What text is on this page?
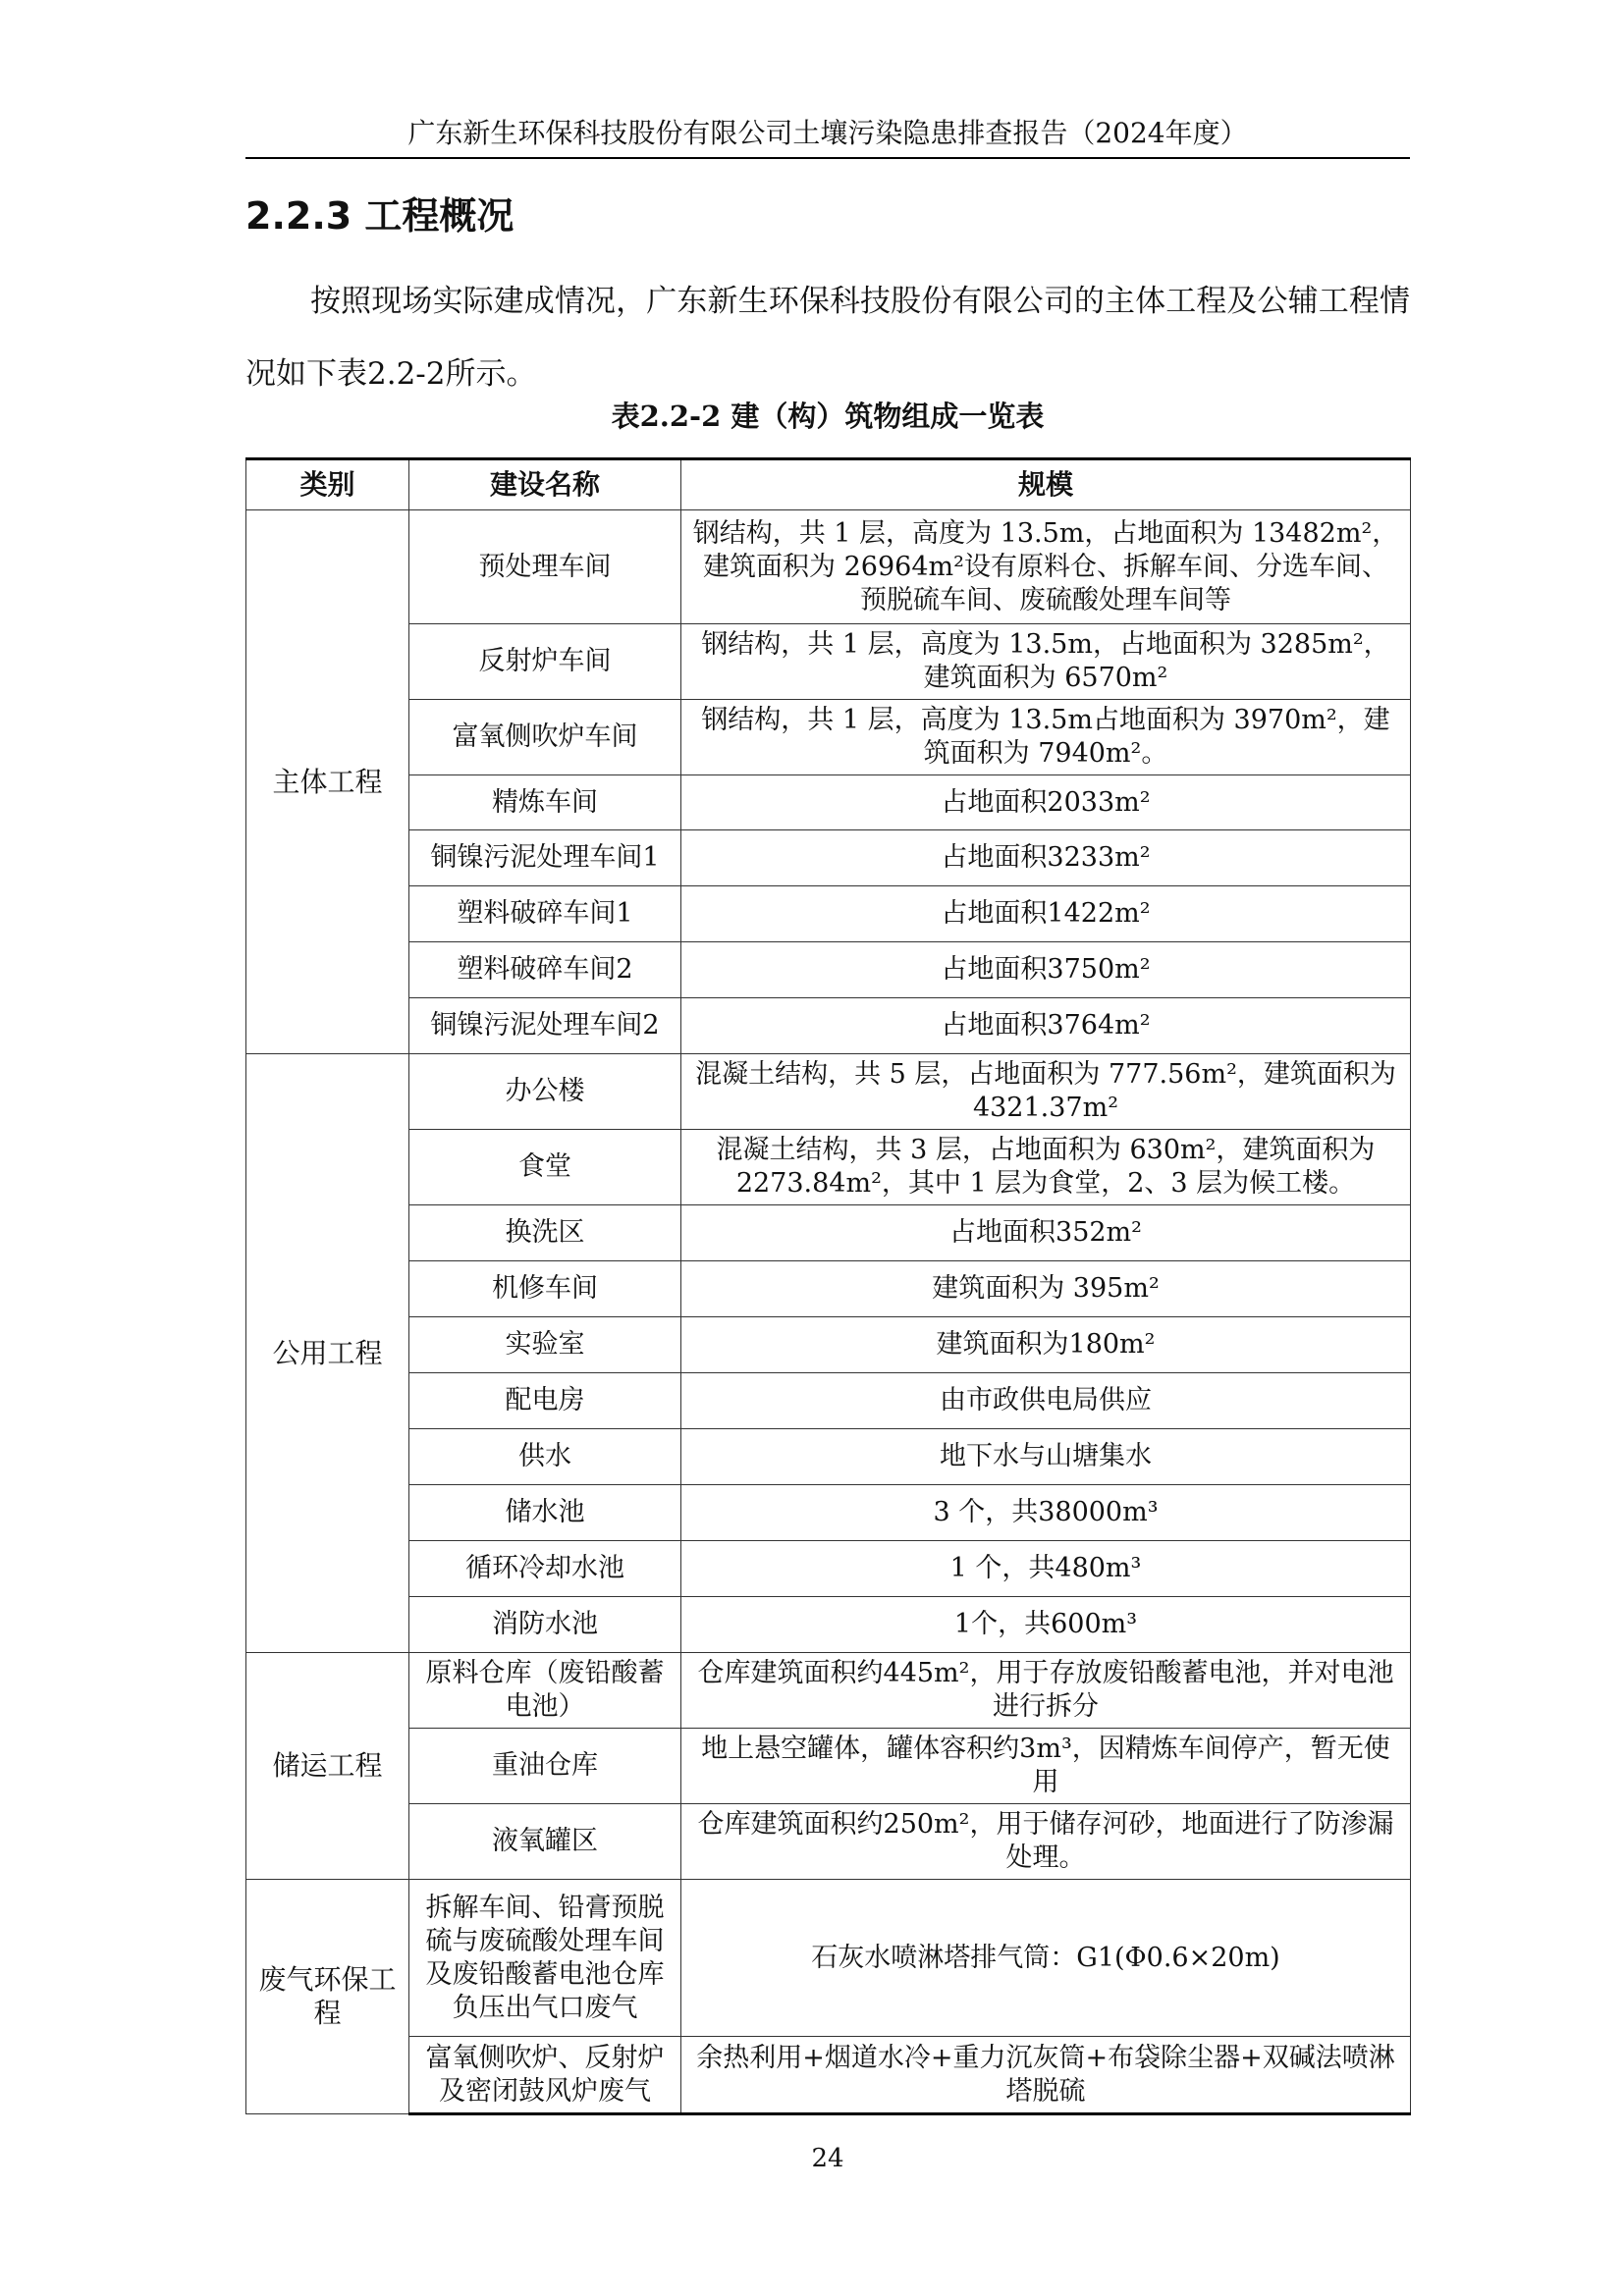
广东新生环保科技股份有限公司土壤污染隐患排查报告（2024年度）
2.2.3 工程概况
按照现场实际建成情况，广东新生环保科技股份有限公司的主体工程及公辅工程情况如下表2.2-2所示。
表2.2-2 建（构）筑物组成一览表
类别	建设名称	规模
主体工程	预处理车间	钢结构，共 1 层，高度为 13.5m，占地面积为 13482m²，建筑面积为 26964m²设有原料仓、拆解车间、分选车间、预脱硫车间、废硫酸处理车间等
	反射炉车间	钢结构，共 1 层，高度为 13.5m，占地面积为 3285m²，建筑面积为 6570m²
	富氧侧吹炉车间	钢结构，共 1 层，高度为 13.5m占地面积为 3970m²，建筑面积为 7940m²。
	精炼车间	占地面积2033m²
	铜镍污泥处理车间1	占地面积3233m²
	塑料破碎车间1	占地面积1422m²
	塑料破碎车间2	占地面积3750m²
	铜镍污泥处理车间2	占地面积3764m²
公用工程	办公楼	混凝土结构，共 5 层，占地面积为 777.56m²，建筑面积为 4321.37m²
	食堂	混凝土结构，共 3 层，占地面积为 630m²，建筑面积为2273.84m²，其中 1 层为食堂，2、3 层为候工楼。
	换洗区	占地面积352m²
	机修车间	建筑面积为 395m²
	实验室	建筑面积为180m²
	配电房	由市政供电局供应
	供水	地下水与山塘集水
	储水池	3 个，共38000m³
	循环冷却水池	1 个，共480m³
	消防水池	1个，共600m³
储运工程	原料仓库（废铅酸蓄电池）	仓库建筑面积约445m²，用于存放废铅酸蓄电池，并对电池进行拆分
	重油仓库	地上悬空罐体，罐体容积约3m³，因精炼车间停产，暂无使用
	液氧罐区	仓库建筑面积约250m²，用于储存河砂，地面进行了防渗漏处理。
废气环保工程	拆解车间、铅膏预脱硫与废硫酸处理车间及废铅酸蓄电池仓库负压出气口废气	石灰水喷淋塔排气筒：G1(Φ0.6×20m)
	富氧侧吹炉、反射炉及密闭鼓风炉废气	余热利用+烟道水冷+重力沉灰筒+布袋除尘器+双碱法喷淋塔脱硫
24
